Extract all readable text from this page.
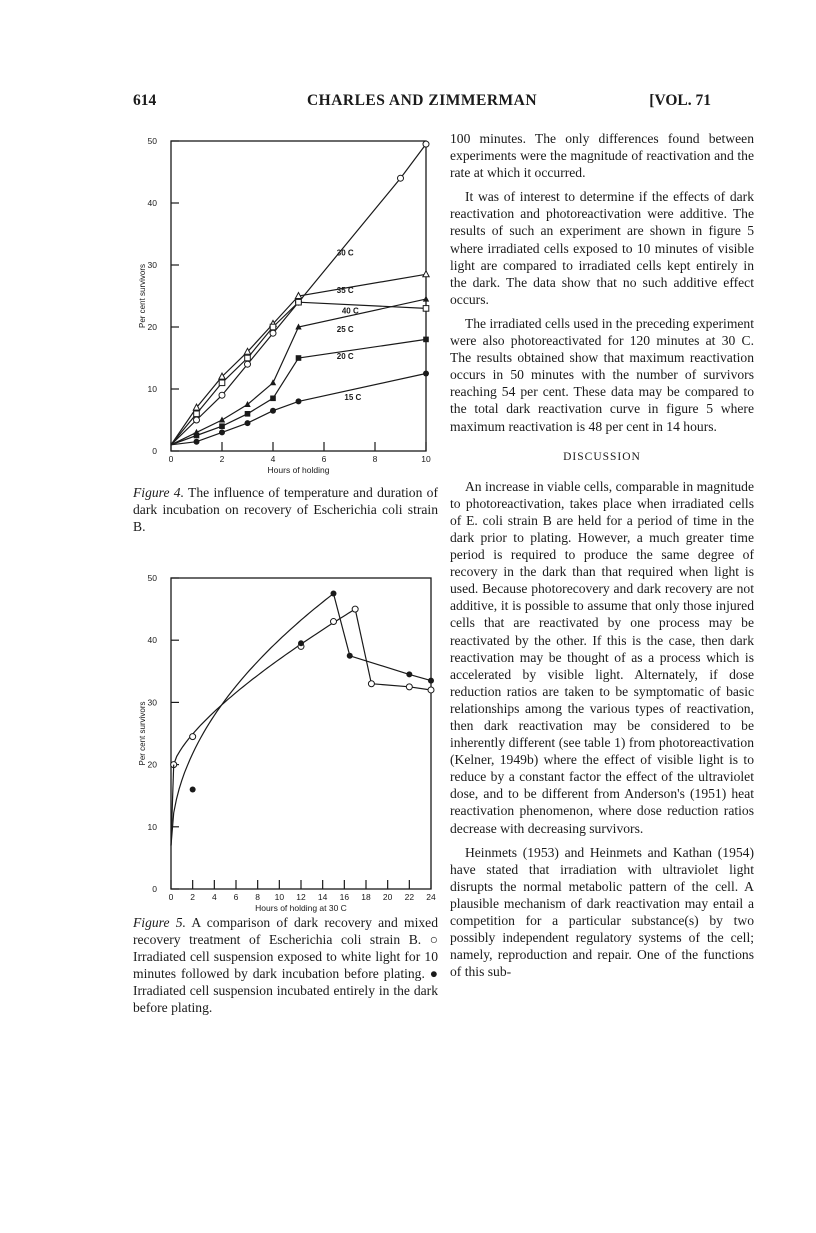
614	CHARLES AND ZIMMERMAN	[VOL. 71
0
10
20
30
40
50
0	2	4	6	8	10
Hours of holding
Per cent survivors
30 C
35 C
40 C
25 C
20 C
15 C
Figure 4. The influence of temperature and duration of dark incubation on recovery of Escherichia coli strain B.
0
10
20
30
40
50
0 2 4 6 8 10 12 14 16 18 20 22 24
Hours of holding at 30 C
Per cent survivors
Figure 5. A comparison of dark recovery and mixed recovery treatment of Escherichia coli strain B. ○ Irradiated cell suspension exposed to white light for 10 minutes followed by dark incubation before plating. ● Irradiated cell suspension incubated entirely in the dark before plating.

100 minutes. The only differences found between experiments were the magnitude of reactivation and the rate at which it occurred.

It was of interest to determine if the effects of dark reactivation and photoreactivation were additive. The results of such an experiment are shown in figure 5 where irradiated cells exposed to 10 minutes of visible light are compared to irradiated cells kept entirely in the dark. The data show that no such additive effect occurs.

The irradiated cells used in the preceding experiment were also photoreactivated for 120 minutes at 30 C. The results obtained show that maximum reactivation occurs in 50 minutes with the number of survivors reaching 54 per cent. These data may be compared to the total dark reactivation curve in figure 5 where maximum reactivation is 48 per cent in 14 hours.

DISCUSSION

An increase in viable cells, comparable in magnitude to photoreactivation, takes place when irradiated cells of E. coli strain B are held for a period of time in the dark prior to plating. However, a much greater time period is required to produce the same degree of recovery in the dark than that required when light is used. Because photorecovery and dark recovery are not additive, it is possible to assume that only those injured cells that are reactivated by one process may be reactivated by the other. If this is the case, then dark reactivation may be thought of as a process which is accelerated by visible light. Alternately, if dose reduction ratios are taken to be symptomatic of basic relationships among the various types of reactivation, then dark reactivation may be considered to be inherently different (see table 1) from photoreactivation (Kelner, 1949b) where the effect of visible light is to reduce by a constant factor the effect of the ultraviolet dose, and to be different from Anderson's (1951) heat reactivation phenomenon, where dose reduction ratios decrease with decreasing survivors.

Heinmets (1953) and Heinmets and Kathan (1954) have stated that irradiation with ultraviolet light disrupts the normal metabolic pattern of the cell. A plausible mechanism of dark reactivation may entail a competition for a particular substance(s) by two possibly independent regulatory systems of the cell; namely, reproduction and repair. One of the functions of this sub-
